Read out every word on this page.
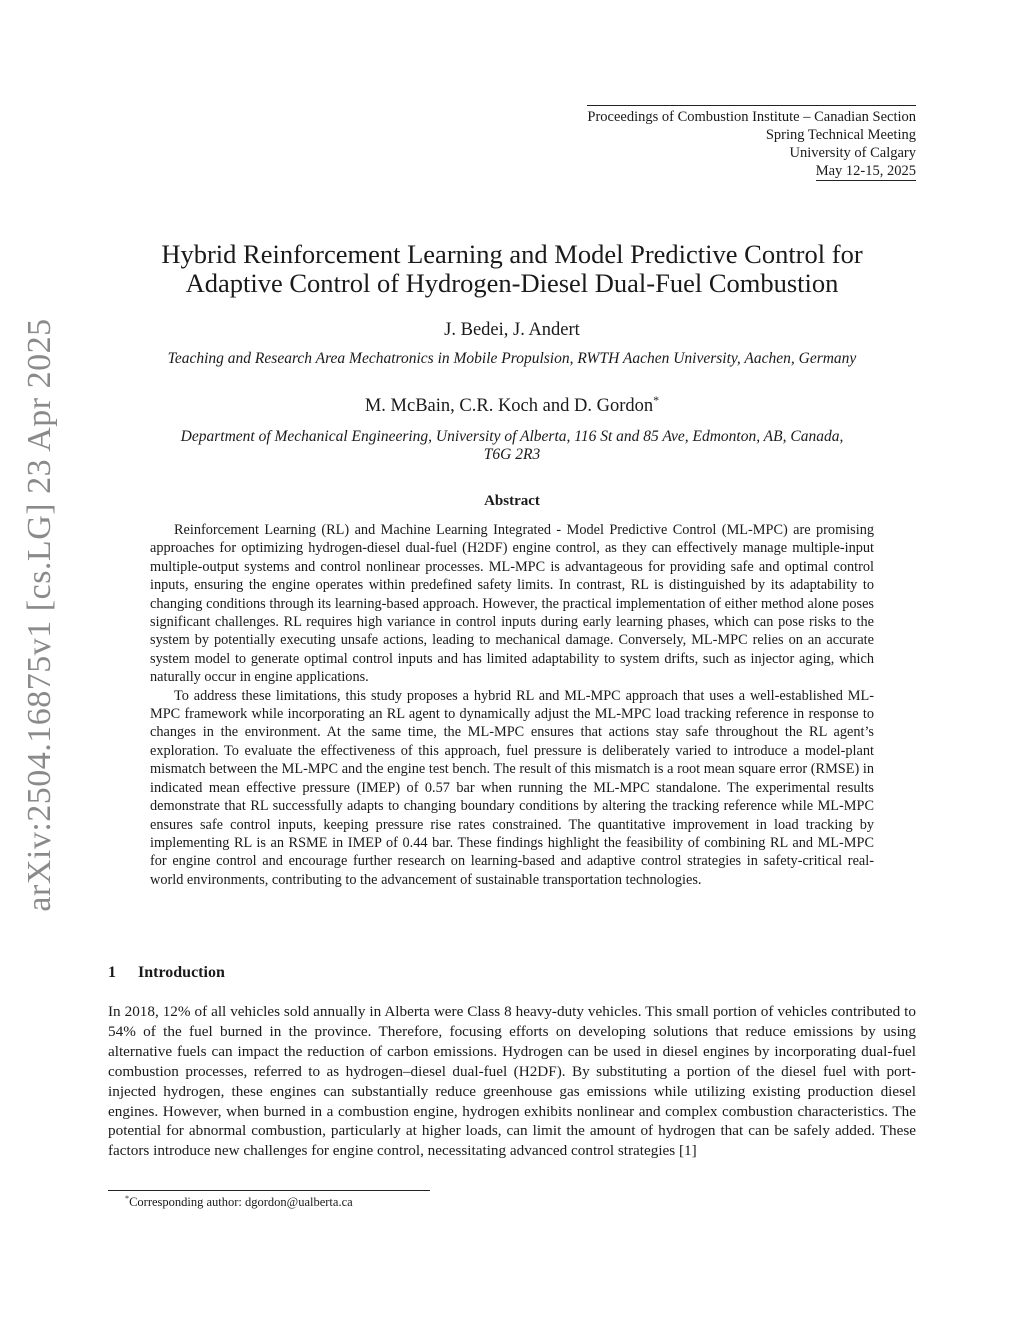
arXiv:2504.16875v1 [cs.LG] 23 Apr 2025
Proceedings of Combustion Institute – Canadian Section
Spring Technical Meeting
University of Calgary
May 12-15, 2025
Hybrid Reinforcement Learning and Model Predictive Control for
Adaptive Control of Hydrogen-Diesel Dual-Fuel Combustion
J. Bedei, J. Andert
Teaching and Research Area Mechatronics in Mobile Propulsion, RWTH Aachen University, Aachen, Germany
M. McBain, C.R. Koch and D. Gordon*
Department of Mechanical Engineering, University of Alberta, 116 St and 85 Ave, Edmonton, AB, Canada,
T6G 2R3
Abstract

Reinforcement Learning (RL) and Machine Learning Integrated - Model Predictive Control (ML-MPC) are promising approaches for optimizing hydrogen-diesel dual-fuel (H2DF) engine control, as they can effectively manage multiple-input multiple-output systems and control nonlinear processes. ML-MPC is advantageous for providing safe and optimal control inputs, ensuring the engine operates within predefined safety limits. In contrast, RL is distinguished by its adaptability to changing conditions through its learning-based approach. However, the practical implementation of either method alone poses significant challenges. RL requires high variance in control inputs during early learning phases, which can pose risks to the system by potentially executing unsafe actions, leading to mechanical damage. Conversely, ML-MPC relies on an accurate system model to generate optimal control inputs and has limited adaptability to system drifts, such as injector aging, which naturally occur in engine applications.

To address these limitations, this study proposes a hybrid RL and ML-MPC approach that uses a well-established ML-MPC framework while incorporating an RL agent to dynamically adjust the ML-MPC load tracking reference in response to changes in the environment. At the same time, the ML-MPC ensures that actions stay safe throughout the RL agent’s exploration. To evaluate the effectiveness of this approach, fuel pressure is deliberately varied to introduce a model-plant mismatch between the ML-MPC and the engine test bench. The result of this mismatch is a root mean square error (RMSE) in indicated mean effective pressure (IMEP) of 0.57 bar when running the ML-MPC standalone. The experimental results demonstrate that RL successfully adapts to changing boundary conditions by altering the tracking reference while ML-MPC ensures safe control inputs, keeping pressure rise rates constrained. The quantitative improvement in load tracking by implementing RL is an RSME in IMEP of 0.44 bar. These findings highlight the feasibility of combining RL and ML-MPC for engine control and encourage further research on learning-based and adaptive control strategies in safety-critical real-world environments, contributing to the advancement of sustainable transportation technologies.

1 Introduction

In 2018, 12% of all vehicles sold annually in Alberta were Class 8 heavy-duty vehicles. This small portion of vehicles contributed to 54% of the fuel burned in the province. Therefore, focusing efforts on developing solutions that reduce emissions by using alternative fuels can impact the reduction of carbon emissions. Hydrogen can be used in diesel engines by incorporating dual-fuel combustion processes, referred to as hydrogen–diesel dual-fuel (H2DF). By substituting a portion of the diesel fuel with port-injected hydrogen, these engines can substantially reduce greenhouse gas emissions while utilizing existing production diesel engines. However, when burned in a combustion engine, hydrogen exhibits nonlinear and complex combustion characteristics. The potential for abnormal combustion, particularly at higher loads, can limit the amount of hydrogen that can be safely added. These factors introduce new challenges for engine control, necessitating advanced control strategies [1]

*Corresponding author: dgordon@ualberta.ca
